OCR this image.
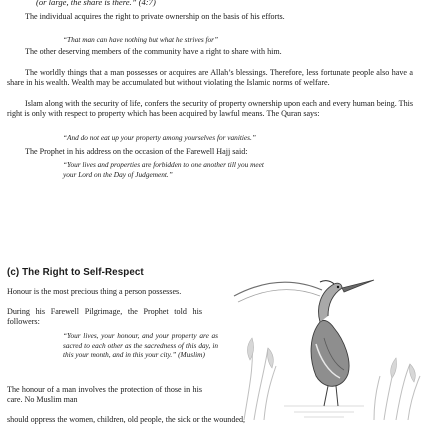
(or large, the share is there.” (4:7)

The individual acquires the right to private ownership on the basis of his efforts.

“That man can have nothing but what he strives for”

The other deserving members of the community have a right to share with him.

The worldly things that a man possesses or acquires are Allah’s blessings. Therefore, less fortunate people also have a share in his wealth. Wealth may be accumulated but without violating the Islamic norms of welfare.

Islam along with the security of life, confers the security of property ownership upon each and every human being. This right is only with respect to property which has been acquired by lawful means. The Quran says:

“And do not eat up your property among yourselves for vanities.”

The Prophet in his address on the occasion of the Farewell Hajj said:

“Your lives and properties are forbidden to one another till you meet

your Lord on the Day of Judgement.”

(c) The Right to Self-Respect

Honour is the most precious thing a person possesses.

During his Farewell Pilgrimage, the Prophet told his followers:

“Your lives, your honour, and your property are as sacred to each other as the sacredness of this day, in this your month, and in this your city.” (Muslim)

The honour of a man involves the protection of those in his care. No Muslim man

should oppress the women, children, old people, the sick or the wounded,
